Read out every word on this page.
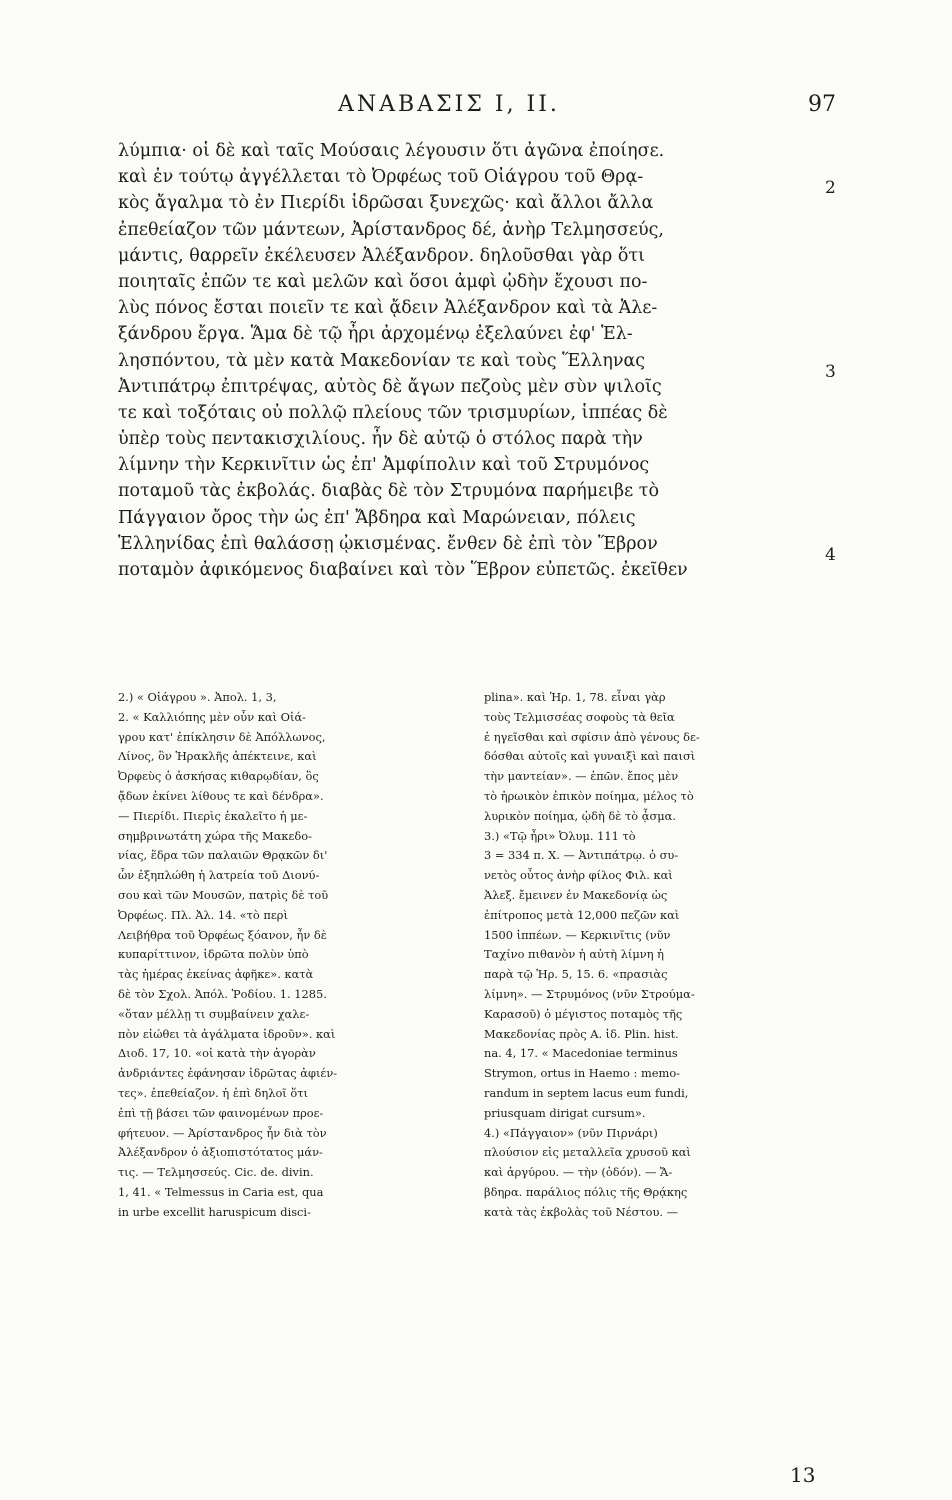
ΑΝΑΒΑΣΙΣ Ι, ΙΙ.	97
λύμπια· οἱ δὲ καὶ ταῖς Μούσαις λέγουσιν ὅτι ἀγῶνα ἐποίησε.
καὶ ἐν τούτῳ ἀγγέλλεται τὸ Ὀρφέως τοῦ Οἰάγρου τοῦ Θρᾳ-
κὸς ἄγαλμα τὸ ἐν Πιερίδι ἱδρῶσαι ξυνεχῶς· καὶ ἄλλοι ἄλλα
ἐπεθείαζον τῶν μάντεων, Ἀρίστανδρος δέ, ἀνὴρ Τελμησσεύς,
μάντις, θαρρεῖν ἐκέλευσεν Ἀλέξανδρον. δηλοῦσθαι γὰρ ὅτι
ποιηταῖς ἐπῶν τε καὶ μελῶν καὶ ὅσοι ἀμφὶ ᾠδὴν ἔχουσι πο-
λὺς πόνος ἔσται ποιεῖν τε καὶ ᾄδειν Ἀλέξανδρον καὶ τὰ Ἀλε-
ξάνδρου ἔργα. Ἅμα δὲ τῷ ἦρι ἀρχομένῳ ἐξελαύνει ἐφ' Ἑλ-
λησπόντου, τὰ μὲν κατὰ Μακεδονίαν τε καὶ τοὺς Ἕλληνας
Ἀντιπάτρῳ ἐπιτρέψας, αὐτὸς δὲ ἄγων πεζοὺς μὲν σὺν ψιλοῖς
τε καὶ τοξόταις οὐ πολλῷ πλείους τῶν τρισμυρίων, ἱππέας δὲ
ὑπὲρ τοὺς πεντακισχιλίους. ἦν δὲ αὐτῷ ὁ στόλος παρὰ τὴν
λίμνην τὴν Κερκινῖτιν ὡς ἐπ' Ἀμφίπολιν καὶ τοῦ Στρυμόνος
ποταμοῦ τὰς ἐκβολάς. διαβὰς δὲ τὸν Στρυμόνα παρήμειβε τὸ
Πάγγαιον ὄρος τὴν ὡς ἐπ' Ἄβδηρα καὶ Μαρώνειαν, πόλεις
Ἑλληνίδας ἐπὶ θαλάσσῃ ᾠκισμένας. ἔνθεν δὲ ἐπὶ τὸν Ἕβρον
ποταμὸν ἀφικόμενος διαβαίνει καὶ τὸν Ἕβρον εὐπετῶς. ἐκεῖθεν
2
3
4
2.) « Οἰάγρου ». Ἀπολ. 1, 3,
2. « Καλλιόπης μὲν οὖν καὶ Οἰά-
γρου κατ' ἐπίκλησιν δὲ Ἀπόλλωνος,
Λίνος, ὃν Ἡρακλῆς ἀπέκτεινε, καὶ
Ὀρφεὺς ὁ ἀσκήσας κιθαρῳδίαν, ὃς
ᾄδων ἐκίνει λίθους τε καὶ δένδρα».
— Πιερίδι. Πιερὶς ἐκαλεῖτο ἡ με-
σημβρινωτάτη χώρα τῆς Μακεδο-
νίας, ἕδρα τῶν παλαιῶν Θρᾳκῶν δι'
ὧν ἐξηπλώθη ἡ λατρεία τοῦ Διονύ-
σου καὶ τῶν Μουσῶν, πατρὶς δὲ τοῦ
Ὀρφέως. Πλ. Ἀλ. 14. «τὸ περὶ
Λειβήθρα τοῦ Ὀρφέως ξόανον, ἦν δὲ
κυπαρίττινον, ἱδρῶτα πολὺν ὑπὸ
τὰς ἡμέρας ἐκείνας ἀφῆκε». κατὰ
δὲ τὸν Σχολ. Ἀπόλ. Ῥοδίου. 1. 1285.
«ὅταν μέλλῃ τι συμβαίνειν χαλε-
πὸν εἰώθει τὰ ἀγάλματα ἱδροῦν». καὶ
Διοδ. 17, 10. «οἱ κατὰ τὴν ἀγορὰν
ἀνδριάντες ἐφάνησαν ἱδρῶτας ἀφιέν-
τες». ἐπεθείαζον. ἡ ἐπὶ δηλοῖ ὅτι
ἐπὶ τῇ βάσει τῶν φαινομένων προε-
φήτευον. — Ἀρίστανδρος ἦν διὰ τὸν
Ἀλέξανδρον ὁ ἀξιοπιστότατος μάν-
τις. — Τελμησσεύς. Cic. de. divin.
1, 41. « Telmessus in Caria est, qua
in urbe excellit haruspicum disci-
plina». καὶ Ἡρ. 1, 78. εἶναι γὰρ
τοὺς Τελμισσέας σοφοὺς τὰ θεῖα
ἐ ηγεῖσθαι καὶ σφίσιν ἀπὸ γένους δε-
δόσθαι αὐτοῖς καὶ γυναιξὶ καὶ παισὶ
τὴν μαντείαν». — ἐπῶν. ἔπος μὲν
τὸ ἡρωικὸν ἐπικὸν ποίημα, μέλος τὸ
λυρικὸν ποίημα, ᾠδὴ δὲ τὸ ᾆσμα.
3.) «Τῷ ἦρι» Ὀλυμ. 111 τὸ
3 = 334 π. Χ. — Ἀντιπάτρῳ. ὁ συ-
νετὸς οὗτος ἀνὴρ φίλος Φιλ. καὶ
Ἀλεξ. ἔμεινεν ἐν Μακεδονίᾳ ὡς
ἐπίτροπος μετὰ 12,000 πεζῶν καὶ
1500 ἱππέων. — Κερκινῖτις (νῦν
Ταχίνο πιθανὸν ἡ αὐτὴ λίμνη ἡ
παρὰ τῷ Ἡρ. 5, 15. 6. «πρασιὰς
λίμνη». — Στρυμόνος (νῦν Στρούμα-
Καρασοῦ) ὁ μέγιστος ποταμὸς τῆς
Μακεδονίας πρὸς Α. ἰδ. Plin. hist.
na. 4, 17. « Macedoniae terminus
Strymon, ortus in Haemo : memo-
randum in septem lacus eum fundi,
priusquam dirigat cursum».
4.) «Πάγγαιον» (νῦν Πιρνάρι)
πλούσιον εἰς μεταλλεῖα χρυσοῦ καὶ
καὶ ἀργύρου. — τὴν (ὁδόν). — Ἄ-
βδηρα. παράλιος πόλις τῆς Θρᾴκης
κατὰ τὰς ἐκβολὰς τοῦ Νέστου. —
13
